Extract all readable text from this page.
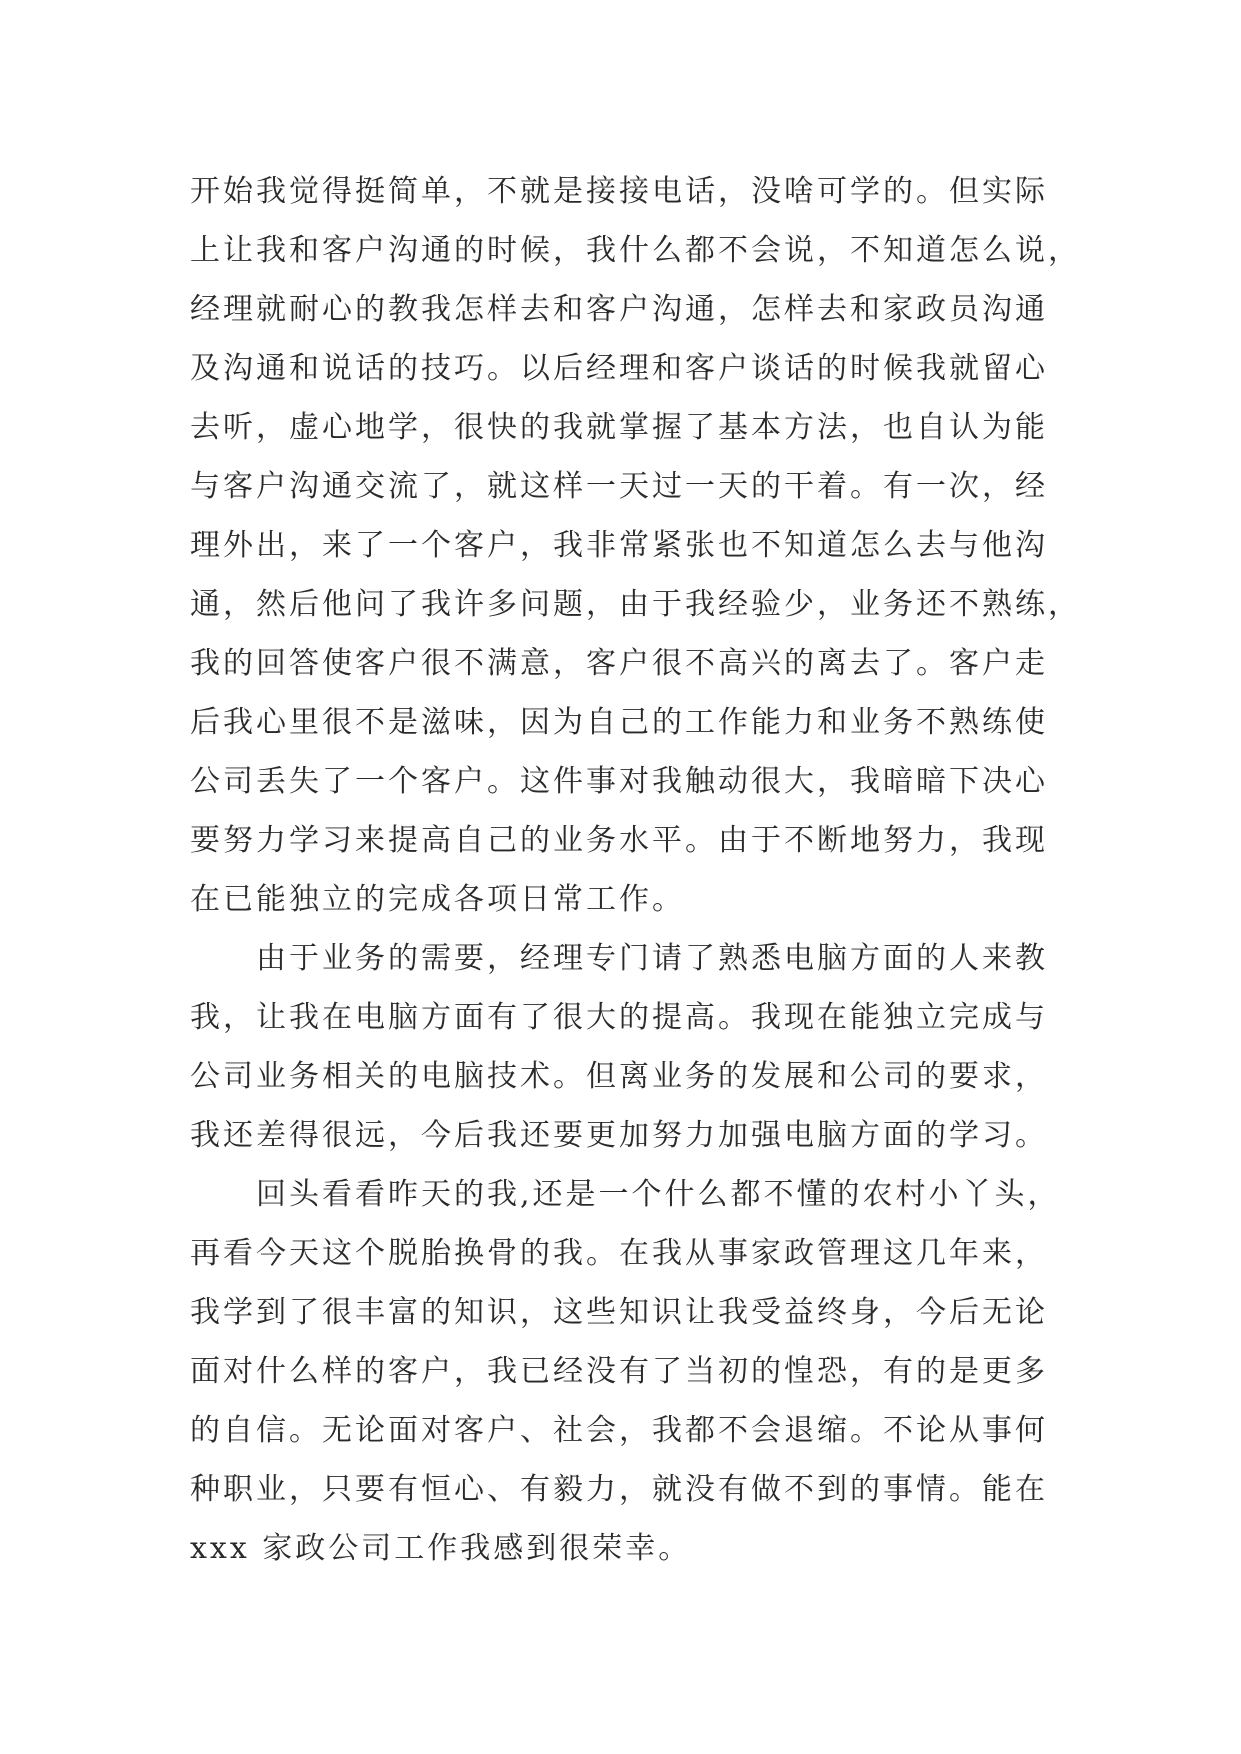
开始我觉得挺简单，不就是接接电话，没啥可学的。但实际
上让我和客户沟通的时候，我什么都不会说，不知道怎么说，
经理就耐心的教我怎样去和客户沟通，怎样去和家政员沟通
及沟通和说话的技巧。以后经理和客户谈话的时候我就留心
去听，虚心地学，很快的我就掌握了基本方法，也自认为能
与客户沟通交流了，就这样一天过一天的干着。有一次，经
理外出，来了一个客户，我非常紧张也不知道怎么去与他沟
通，然后他问了我许多问题，由于我经验少，业务还不熟练，
我的回答使客户很不满意，客户很不高兴的离去了。客户走
后我心里很不是滋味，因为自己的工作能力和业务不熟练使
公司丢失了一个客户。这件事对我触动很大，我暗暗下决心
要努力学习来提高自己的业务水平。由于不断地努力，我现
在已能独立的完成各项日常工作。
由于业务的需要，经理专门请了熟悉电脑方面的人来教
我，让我在电脑方面有了很大的提高。我现在能独立完成与
公司业务相关的电脑技术。但离业务的发展和公司的要求，
我还差得很远，今后我还要更加努力加强电脑方面的学习。
回头看看昨天的我,还是一个什么都不懂的农村小丫头，
再看今天这个脱胎换骨的我。在我从事家政管理这几年来，
我学到了很丰富的知识，这些知识让我受益终身，今后无论
面对什么样的客户，我已经没有了当初的惶恐，有的是更多
的自信。无论面对客户、社会，我都不会退缩。不论从事何
种职业，只要有恒心、有毅力，就没有做不到的事情。能在
xxx 家政公司工作我感到很荣幸。
